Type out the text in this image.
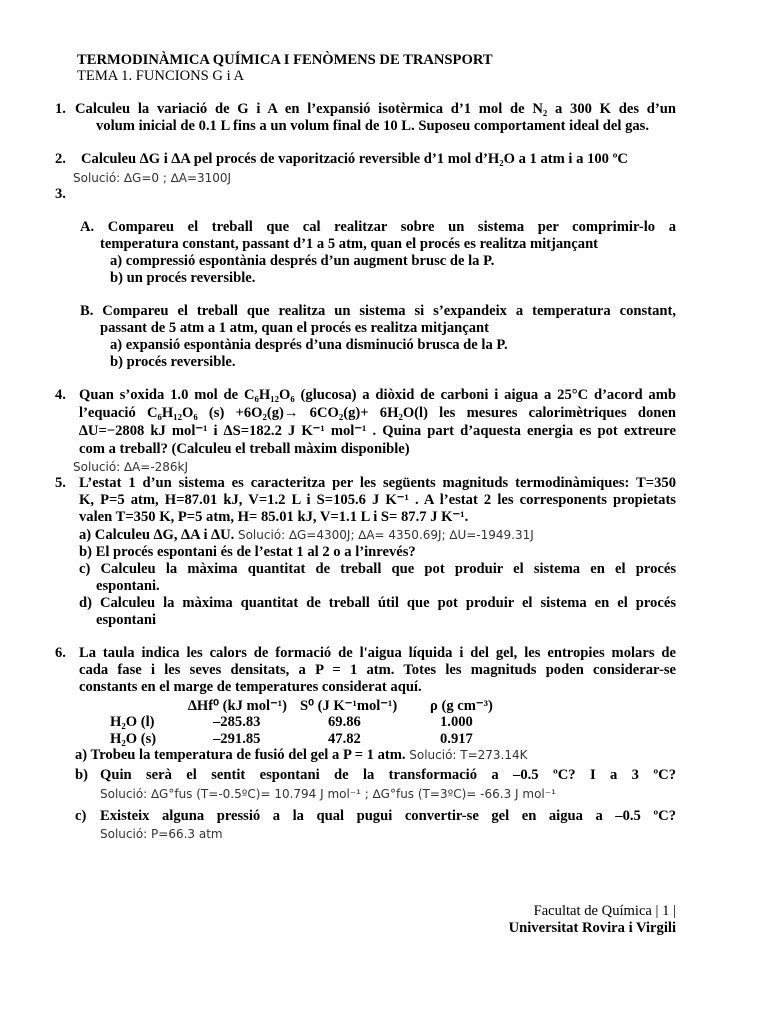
TERMODINÀMICA QUÍMICA I FENÒMENS DE TRANSPORT
TEMA 1. FUNCIONS G i A
1. Calculeu la variació de G i A en l’expansió isotèrmica d’1 mol de N₂ a 300 K des d’un
volum inicial de 0.1 L fins a un volum final de 10 L. Suposeu comportament ideal del gas.
2. Calculeu ∆G i ∆A pel procés de vaporització reversible d’1 mol d’H₂O a 1 atm i a 100 ºC
Solució: ∆G=0 ; ∆A=3100J
3.
A. Compareu el treball que cal realitzar sobre un sistema per comprimir-lo a
temperatura constant, passant d’1 a 5 atm, quan el procés es realitza mitjançant
a) compressió espontània després d’un augment brusc de la P.
b) un procés reversible.
B. Compareu el treball que realitza un sistema si s’expandeix a temperatura constant,
passant de 5 atm a 1 atm, quan el procés es realitza mitjançant
a) expansió espontània després d’una disminució brusca de la P.
b) procés reversible.
4. Quan s’oxida 1.0 mol de C₆H₁₂O₆ (glucosa) a diòxid de carboni i aigua a 25°C d’acord amb
l’equació C₆H₁₂O₆ (s) +6O₂(g)→ 6CO₂(g)+ 6H₂O(l) les mesures calorimètriques donen
∆U=−2808 kJ mol⁻¹ i ∆S=182.2 J K⁻¹ mol⁻¹ . Quina part d’aquesta energia es pot extreure
com a treball? (Calculeu el treball màxim disponible)
Solució: ∆A=-286kJ
5. L’estat 1 d’un sistema es caracteritza per les següents magnituds termodinàmiques: T=350
K, P=5 atm, H=87.01 kJ, V=1.2 L i S=105.6 J K⁻¹ . A l’estat 2 les corresponents propietats
valen T=350 K, P=5 atm, H= 85.01 kJ, V=1.1 L i S= 87.7 J K⁻¹.
a) Calculeu ∆G, ∆A i ∆U. Solució: ∆G=4300J; ∆A= 4350.69J; ∆U=-1949.31J
b) El procés espontani és de l’estat 1 al 2 o a l’inrevés?
c) Calculeu la màxima quantitat de treball que pot produir el sistema en el procés
espontani.
d) Calculeu la màxima quantitat de treball útil que pot produir el sistema en el procés
espontani
6. La taula indica les calors de formació de l'aigua líquida i del gel, les entropies molars de
cada fase i les seves densitats, a P = 1 atm. Totes les magnituds poden considerar-se
constants en el marge de temperatures considerat aquí.
∆Hf⁰ (kJ mol⁻¹) S⁰ (J K⁻¹mol⁻¹) ρ (g cm⁻³)
H₂O (l)	–285.83	69.86	1.000
H₂O (s)	–291.85	47.82	0.917
a) Trobeu la temperatura de fusió del gel a P = 1 atm. Solució: T=273.14K
b) Quin serà el sentit espontani de la transformació a –0.5 ºC? I a 3 ºC?
Solució: ∆G°fus (T=-0.5ºC)= 10.794 J mol⁻¹ ; ∆G°fus (T=3ºC)= -66.3 J mol⁻¹
c) Existeix alguna pressió a la qual pugui convertir-se gel en aigua a –0.5 ºC?
Solució: P=66.3 atm
Facultat de Química | 1 |
Universitat Rovira i Virgili
